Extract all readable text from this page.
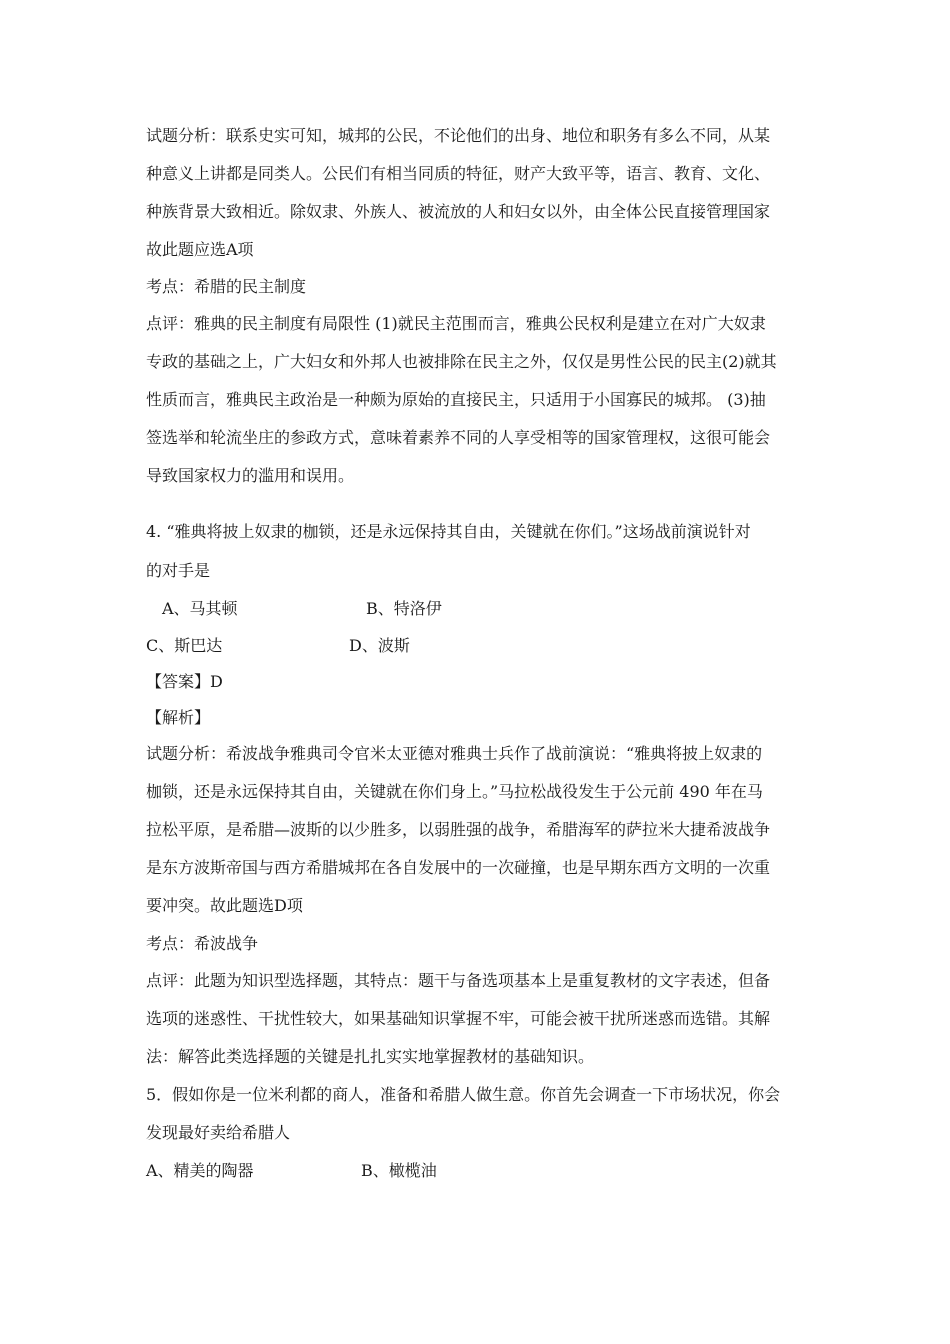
试题分析：联系史实可知，城邦的公民，不论他们的出身、地位和职务有多么不同，从某
种意义上讲都是同类人。公民们有相当同质的特征，财产大致平等，语言、教育、文化、
种族背景大致相近。除奴隶、外族人、被流放的人和妇女以外，由全体公民直接管理国家
故此题应选A项
考点：希腊的民主制度
点评：雅典的民主制度有局限性 (1)就民主范围而言，雅典公民权利是建立在对广大奴隶
专政的基础之上，广大妇女和外邦人也被排除在民主之外，仅仅是男性公民的民主(2)就其
性质而言，雅典民主政治是一种颇为原始的直接民主，只适用于小国寡民的城邦。 (3)抽
签选举和轮流坐庄的参政方式，意味着素养不同的人享受相等的国家管理权，这很可能会
导致国家权力的滥用和误用。
4. “雅典将披上奴隶的枷锁，还是永远保持其自由，关键就在你们。”这场战前演说针对
的对手是
A、马其顿	B、特洛伊
C、斯巴达	D、波斯
【答案】D
【解析】
试题分析：希波战争雅典司令官米太亚德对雅典士兵作了战前演说：“雅典将披上奴隶的
枷锁，还是永远保持其自由，关键就在你们身上。”马拉松战役发生于公元前 490 年在马
拉松平原，是希腊—波斯的以少胜多，以弱胜强的战争，希腊海军的萨拉米大捷希波战争
是东方波斯帝国与西方希腊城邦在各自发展中的一次碰撞，也是早期东西方文明的一次重
要冲突。故此题选D项
考点：希波战争
点评：此题为知识型选择题，其特点：题干与备选项基本上是重复教材的文字表述，但备
选项的迷惑性、干扰性较大，如果基础知识掌握不牢，可能会被干扰所迷惑而选错。其解
法：解答此类选择题的关键是扎扎实实地掌握教材的基础知识。
5．假如你是一位米利都的商人，准备和希腊人做生意。你首先会调查一下市场状况，你会
发现最好卖给希腊人
A、精美的陶器	B、橄榄油
